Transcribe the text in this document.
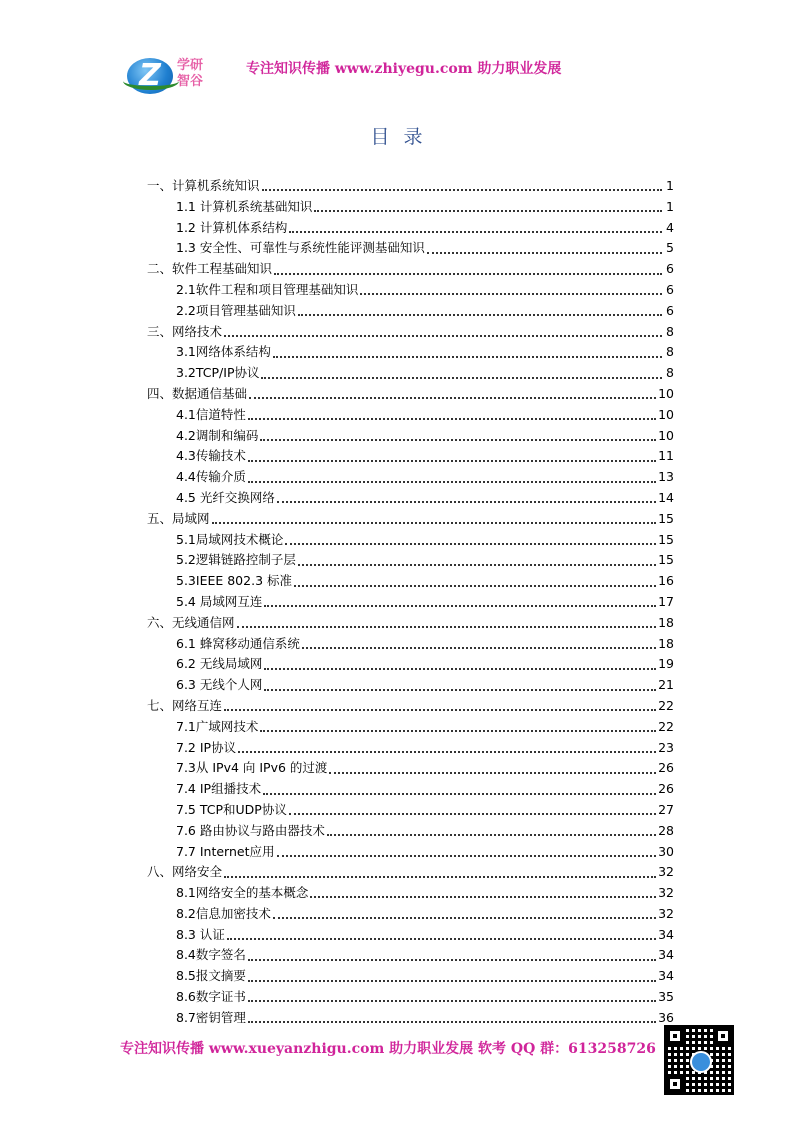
Z	学研
智谷
专注知识传播 www.zhiyegu.com 助力职业发展
目录
一、计算机系统知识	1
1.1 计算机系统基础知识	1
1.2 计算机体系结构	4
1.3 安全性、可靠性与系统性能评测基础知识	5
二、软件工程基础知识	6
2.1软件工程和项目管理基础知识	6
2.2项目管理基础知识	6
三、网络技术	8
3.1网络体系结构	8
3.2TCP/IP协议	8
四、数据通信基础	10
4.1信道特性	10
4.2调制和编码	10
4.3传输技术	11
4.4传输介质	13
4.5 光纤交换网络	14
五、局域网	15
5.1局域网技术概论	15
5.2逻辑链路控制子层	15
5.3IEEE 802.3 标准	16
5.4 局域网互连	17
六、无线通信网	18
6.1 蜂窝移动通信系统	18
6.2 无线局域网	19
6.3 无线个人网	21
七、网络互连	22
7.1广域网技术	22
7.2 IP协议	23
7.3从 IPv4 向 IPv6 的过渡	26
7.4 IP组播技术	26
7.5 TCP和UDP协议	27
7.6 路由协议与路由器技术	28
7.7 Internet应用	30
八、网络安全	32
8.1网络安全的基本概念	32
8.2信息加密技术	32
8.3 认证	34
8.4数字签名	34
8.5报文摘要	34
8.6数字证书	35
8.7密钥管理	36
专注知识传播 www.xueyanzhigu.com 助力职业发展 软考 QQ 群：613258726
